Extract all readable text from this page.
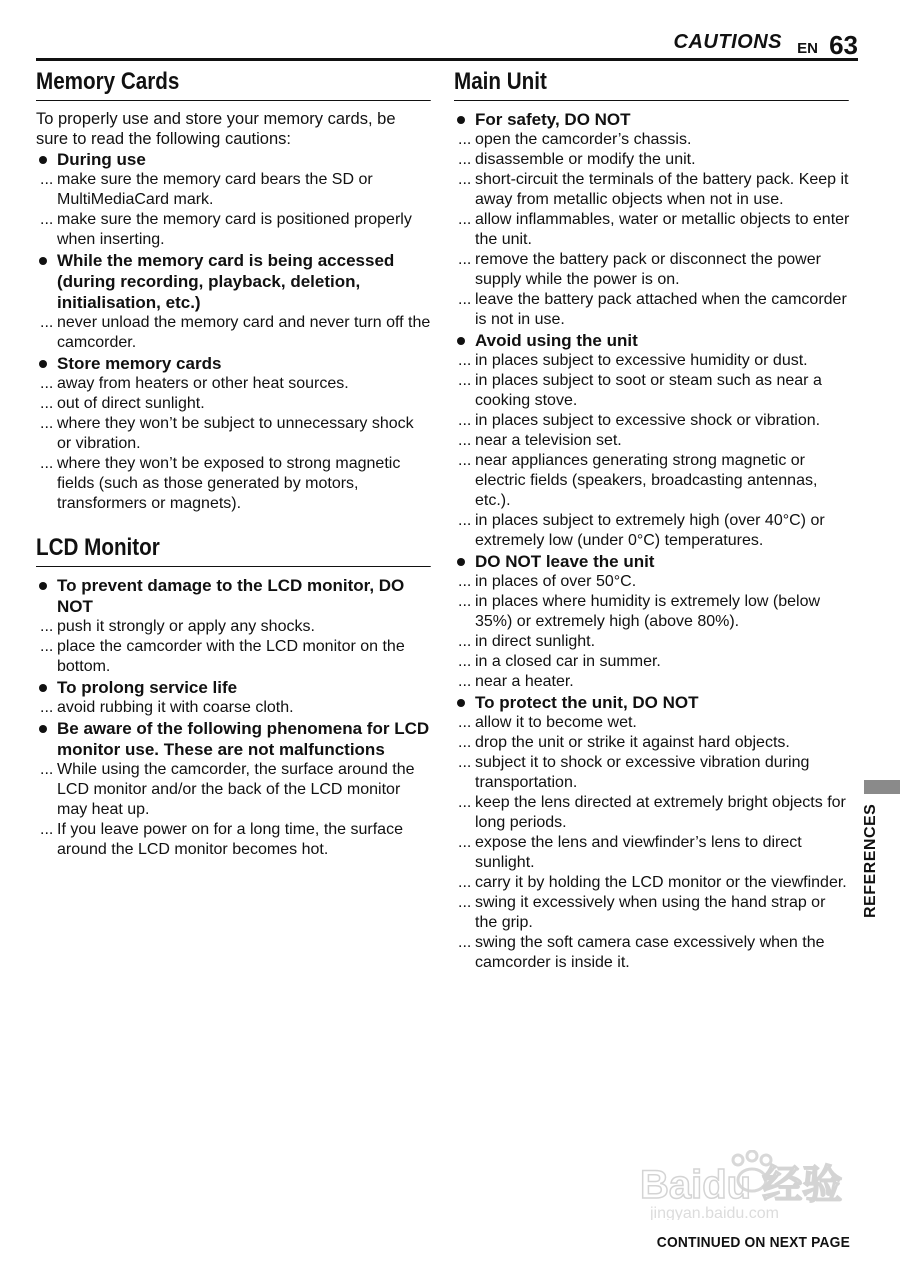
CAUTIONS EN 63
Memory Cards
To properly use and store your memory cards, be sure to read the following cautions:
During use
... make sure the memory card bears the SD or MultiMediaCard mark.
... make sure the memory card is positioned properly when inserting.
While the memory card is being accessed (during recording, playback, deletion, initialisation, etc.)
... never unload the memory card and never turn off the camcorder.
Store memory cards
... away from heaters or other heat sources.
... out of direct sunlight.
... where they won’t be subject to unnecessary shock or vibration.
... where they won’t be exposed to strong magnetic fields (such as those generated by motors, transformers or magnets).
LCD Monitor
To prevent damage to the LCD monitor, DO NOT
... push it strongly or apply any shocks.
... place the camcorder with the LCD monitor on the bottom.
To prolong service life
... avoid rubbing it with coarse cloth.
Be aware of the following phenomena for LCD monitor use. These are not malfunctions
... While using the camcorder, the surface around the LCD monitor and/or the back of the LCD monitor may heat up.
... If you leave power on for a long time, the surface around the LCD monitor becomes hot.
Main Unit
For safety, DO NOT
... open the camcorder’s chassis.
... disassemble or modify the unit.
... short-circuit the terminals of the battery pack. Keep it away from metallic objects when not in use.
... allow inflammables, water or metallic objects to enter the unit.
... remove the battery pack or disconnect the power supply while the power is on.
... leave the battery pack attached when the camcorder is not in use.
Avoid using the unit
... in places subject to excessive humidity or dust.
... in places subject to soot or steam such as near a cooking stove.
... in places subject to excessive shock or vibration.
... near a television set.
... near appliances generating strong magnetic or electric fields (speakers, broadcasting antennas, etc.).
... in places subject to extremely high (over 40°C) or extremely low (under 0°C) temperatures.
DO NOT leave the unit
... in places of over 50°C.
... in places where humidity is extremely low (below 35%) or extremely high (above 80%).
... in direct sunlight.
... in a closed car in summer.
... near a heater.
To protect the unit, DO NOT
... allow it to become wet.
... drop the unit or strike it against hard objects.
... subject it to shock or excessive vibration during transportation.
... keep the lens directed at extremely bright objects for long periods.
... expose the lens and viewfinder’s lens to direct sunlight.
... carry it by holding the LCD monitor or the viewfinder.
... swing it excessively when using the hand strap or the grip.
... swing the soft camera case excessively when the camcorder is inside it.
REFERENCES
Baidu 经验
jingyan.baidu.com
CONTINUED ON NEXT PAGE
